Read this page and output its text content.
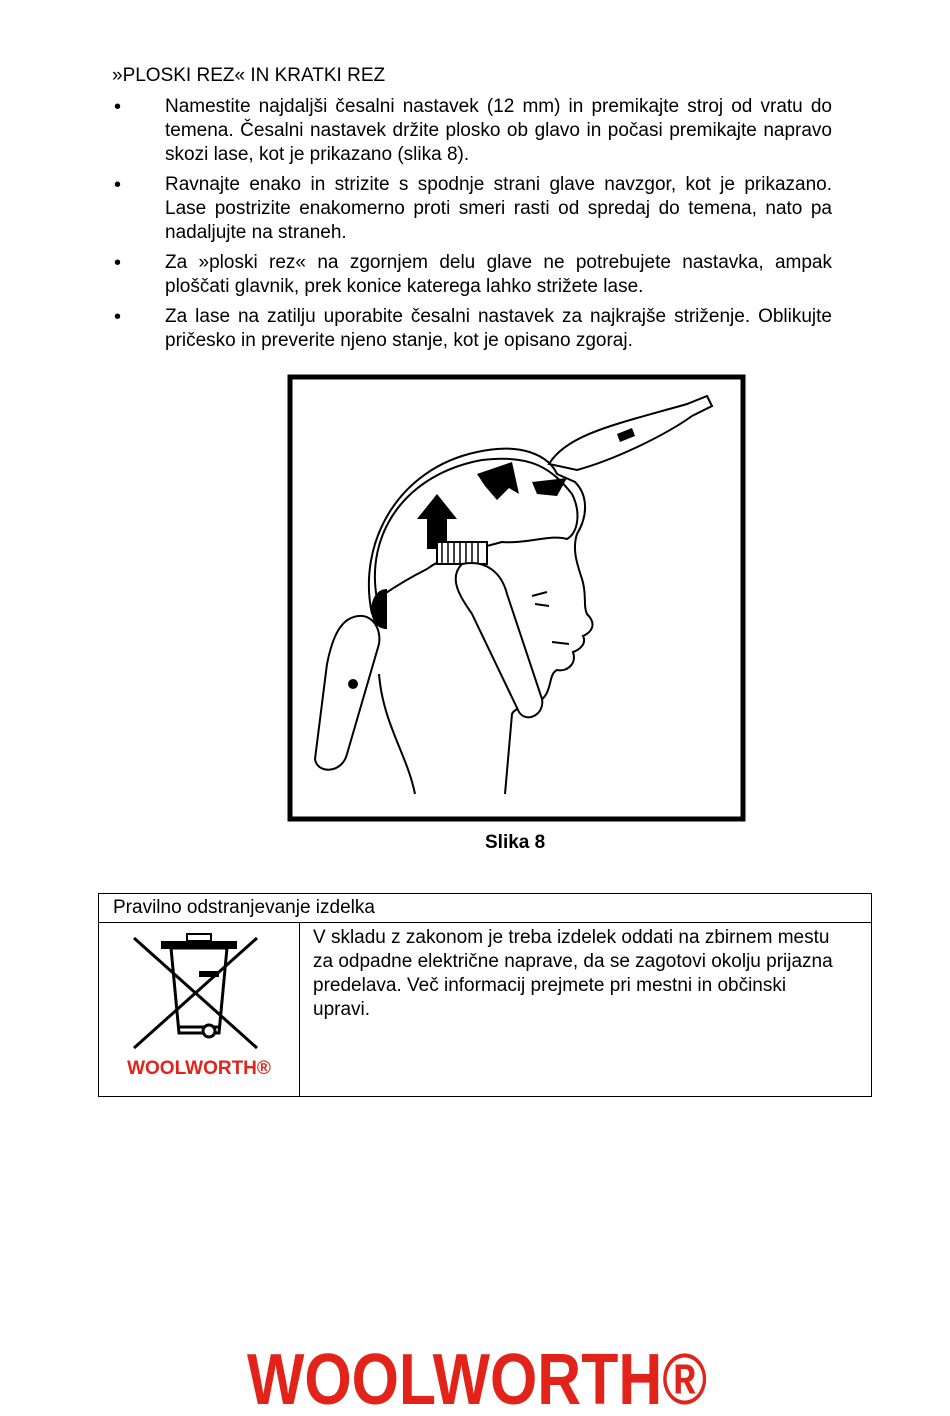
»PLOSKI REZ« IN KRATKI REZ
• Namestite najdaljši česalni nastavek (12 mm) in premikajte stroj od vratu do temena. Česalni nastavek držite plosko ob glavo in počasi premikajte napravo skozi lase, kot je prikazano (slika 8).
• Ravnajte enako in strizite s spodnje strani glave navzgor, kot je prikazano. Lase postrizite enakomerno proti smeri rasti od spredaj do temena, nato pa nadaljujte na straneh.
• Za »ploski rez« na zgornjem delu glave ne potrebujete nastavka, ampak ploščati glavnik, prek konice katerega lahko strižete lase.
• Za lase na zatilju uporabite česalni nastavek za najkrajše striženje. Oblikujte pričesko in preverite njeno stanje, kot je opisano zgoraj.
Slika 8
Pravilno odstranjevanje izdelka
WOOLWORTH®
V skladu z zakonom je treba izdelek oddati na zbirnem mestu za odpadne električne naprave, da se zagotovi okolju prijazna predelava. Več informacij prejmete pri mestni in občinski upravi.
WOOLWORTH®
